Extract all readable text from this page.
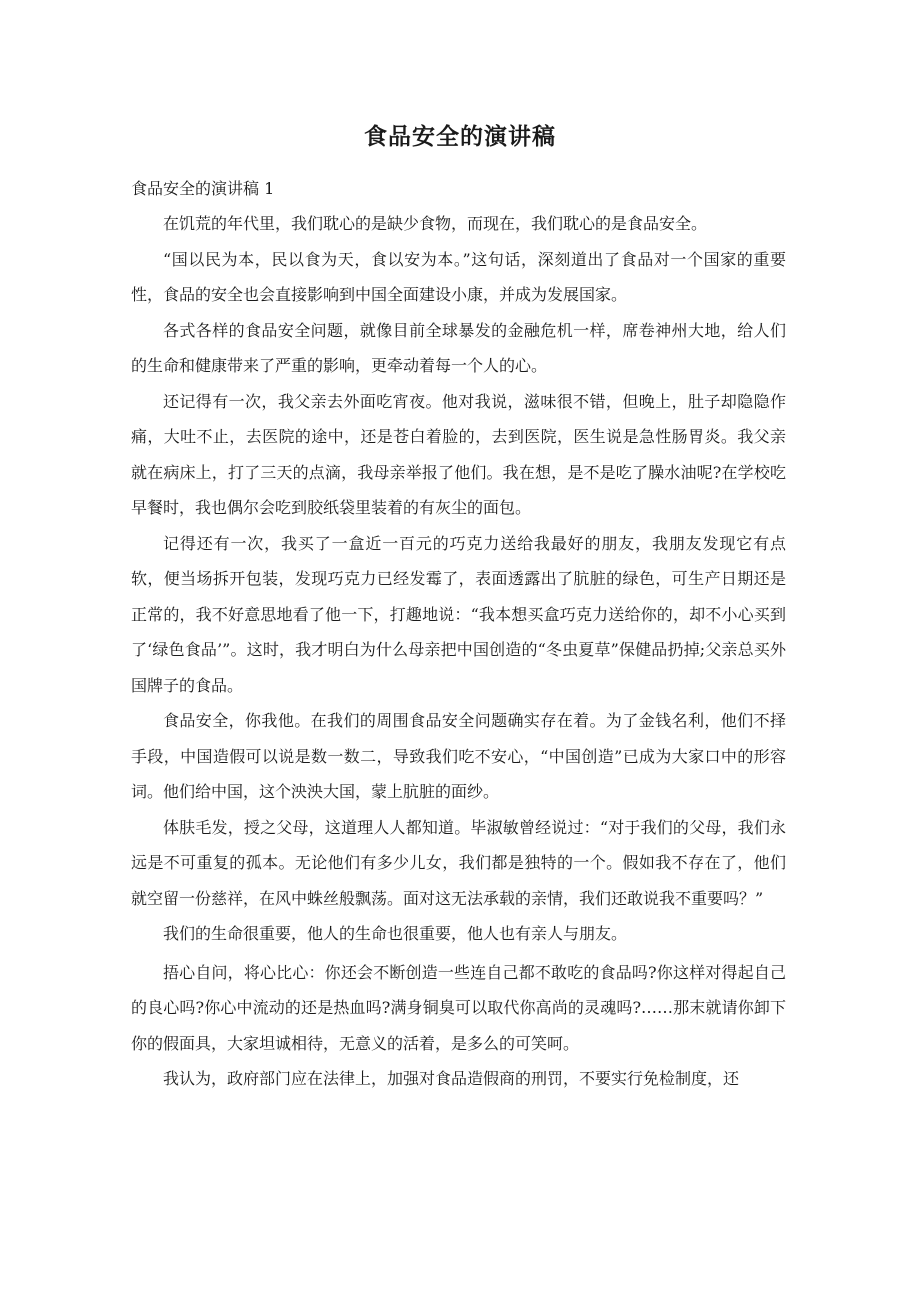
食品安全的演讲稿

食品安全的演讲稿 1

在饥荒的年代里，我们耽心的是缺少食物，而现在，我们耽心的是食品安全。

“国以民为本，民以食为天，食以安为本。”这句话，深刻道出了食品对一个国家的重要性，食品的安全也会直接影响到中国全面建设小康，并成为发展国家。

各式各样的食品安全问题，就像目前全球暴发的金融危机一样，席卷神州大地，给人们的生命和健康带来了严重的影响，更牵动着每一个人的心。

还记得有一次，我父亲去外面吃宵夜。他对我说，滋味很不错，但晚上，肚子却隐隐作痛，大吐不止，去医院的途中，还是苍白着脸的，去到医院，医生说是急性肠胃炎。我父亲就在病床上，打了三天的点滴，我母亲举报了他们。我在想，是不是吃了臊水油呢?在学校吃早餐时，我也偶尔会吃到胶纸袋里装着的有灰尘的面包。

记得还有一次，我买了一盒近一百元的巧克力送给我最好的朋友，我朋友发现它有点软，便当场拆开包装，发现巧克力已经发霉了，表面透露出了肮脏的绿色，可生产日期还是正常的，我不好意思地看了他一下，打趣地说：“我本想买盒巧克力送给你的，却不小心买到了‘绿色食品’”。这时，我才明白为什么母亲把中国创造的“冬虫夏草”保健品扔掉;父亲总买外国牌子的食品。

食品安全，你我他。在我们的周围食品安全问题确实存在着。为了金钱名利，他们不择手段，中国造假可以说是数一数二，导致我们吃不安心，“中国创造”已成为大家口中的形容词。他们给中国，这个泱泱大国，蒙上肮脏的面纱。

体肤毛发，授之父母，这道理人人都知道。毕淑敏曾经说过：“对于我们的父母，我们永远是不可重复的孤本。无论他们有多少儿女，我们都是独特的一个。假如我不存在了，他们就空留一份慈祥，在风中蛛丝般飘荡。面对这无法承载的亲情，我们还敢说我不重要吗？”

我们的生命很重要，他人的生命也很重要，他人也有亲人与朋友。

捂心自问，将心比心：你还会不断创造一些连自己都不敢吃的食品吗?你这样对得起自己的良心吗?你心中流动的还是热血吗?满身铜臭可以取代你高尚的灵魂吗?……那末就请你卸下你的假面具，大家坦诚相待，无意义的活着，是多么的可笑呵。

我认为，政府部门应在法律上，加强对食品造假商的刑罚，不要实行免检制度，还
